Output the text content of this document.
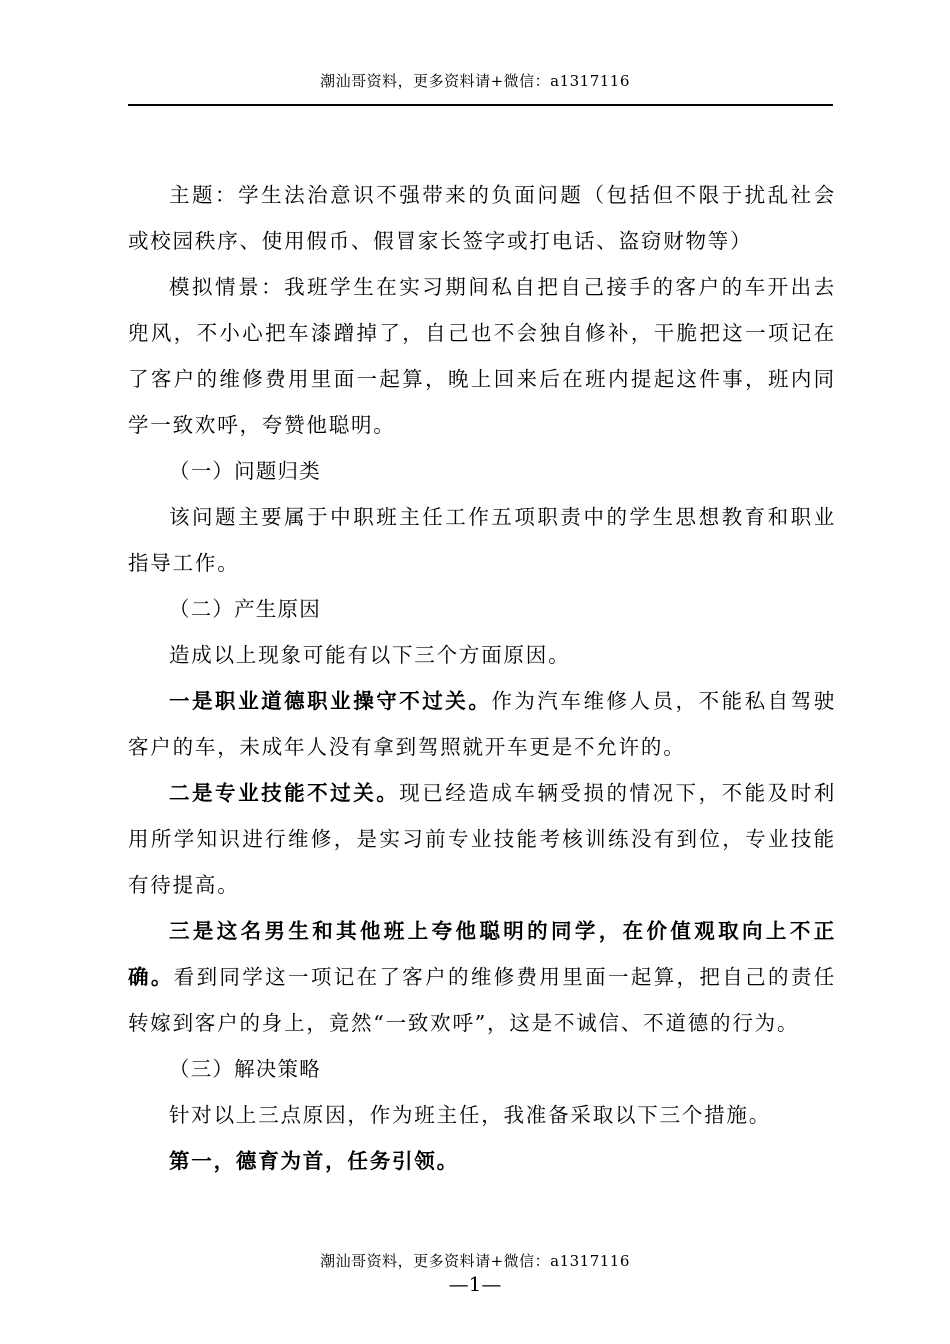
潮汕哥资料，更多资料请+微信：a1317116

主题：学生法治意识不强带来的负面问题（包括但不限于扰乱社会或校园秩序、使用假币、假冒家长签字或打电话、盗窃财物等）

模拟情景：我班学生在实习期间私自把自己接手的客户的车开出去兜风，不小心把车漆蹭掉了，自己也不会独自修补，干脆把这一项记在了客户的维修费用里面一起算，晚上回来后在班内提起这件事，班内同学一致欢呼，夸赞他聪明。

（一）问题归类

该问题主要属于中职班主任工作五项职责中的学生思想教育和职业指导工作。

（二）产生原因

造成以上现象可能有以下三个方面原因。

一是职业道德职业操守不过关。作为汽车维修人员，不能私自驾驶客户的车，未成年人没有拿到驾照就开车更是不允许的。

二是专业技能不过关。现已经造成车辆受损的情况下，不能及时利用所学知识进行维修，是实习前专业技能考核训练没有到位，专业技能有待提高。

三是这名男生和其他班上夸他聪明的同学，在价值观取向上不正确。看到同学这一项记在了客户的维修费用里面一起算，把自己的责任转嫁到客户的身上，竟然“一致欢呼”，这是不诚信、不道德的行为。

（三）解决策略

针对以上三点原因，作为班主任，我准备采取以下三个措施。

第一，德育为首，任务引领。

潮汕哥资料，更多资料请+微信：a1317116
—1—
